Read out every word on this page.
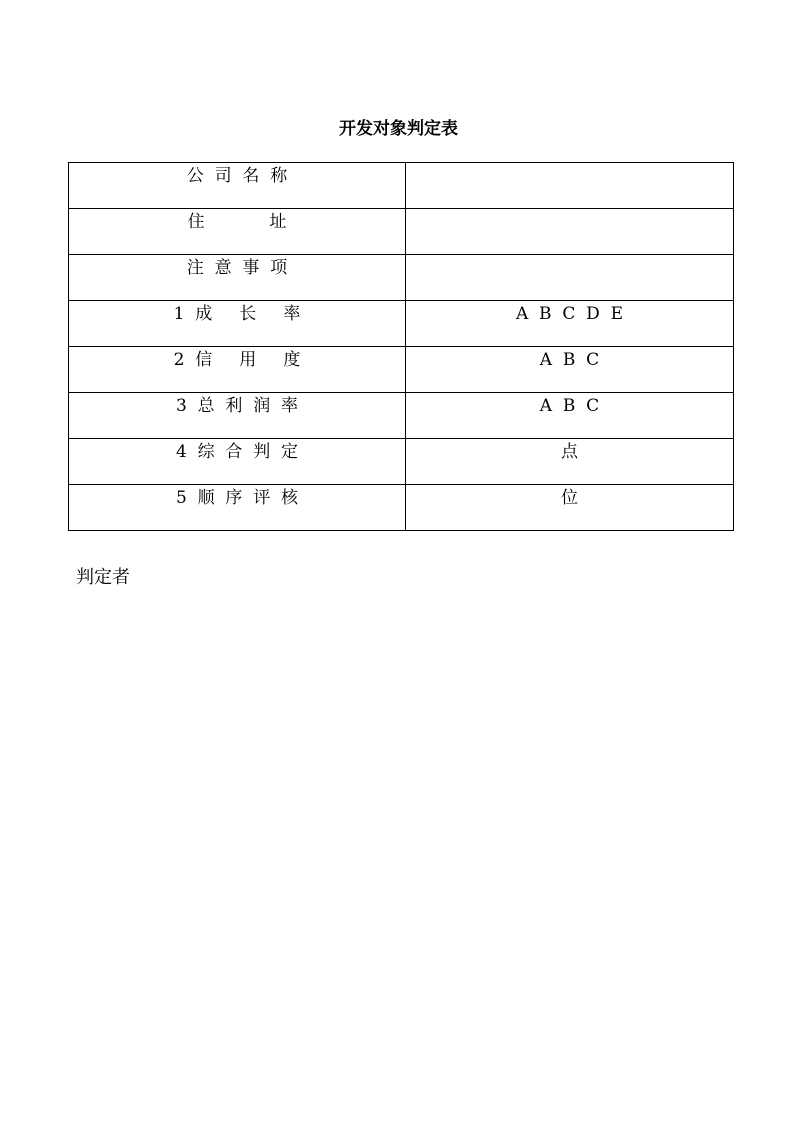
开发对象判定表
公  司  名  称	

住            址	

注  意  事  项	

1  成     长     率	A  B  C  D  E

2  信     用     度	A  B  C

3  总  利  润  率	A  B  C

4  综  合  判  定	点

5  顺  序  评  核	位
判定者
